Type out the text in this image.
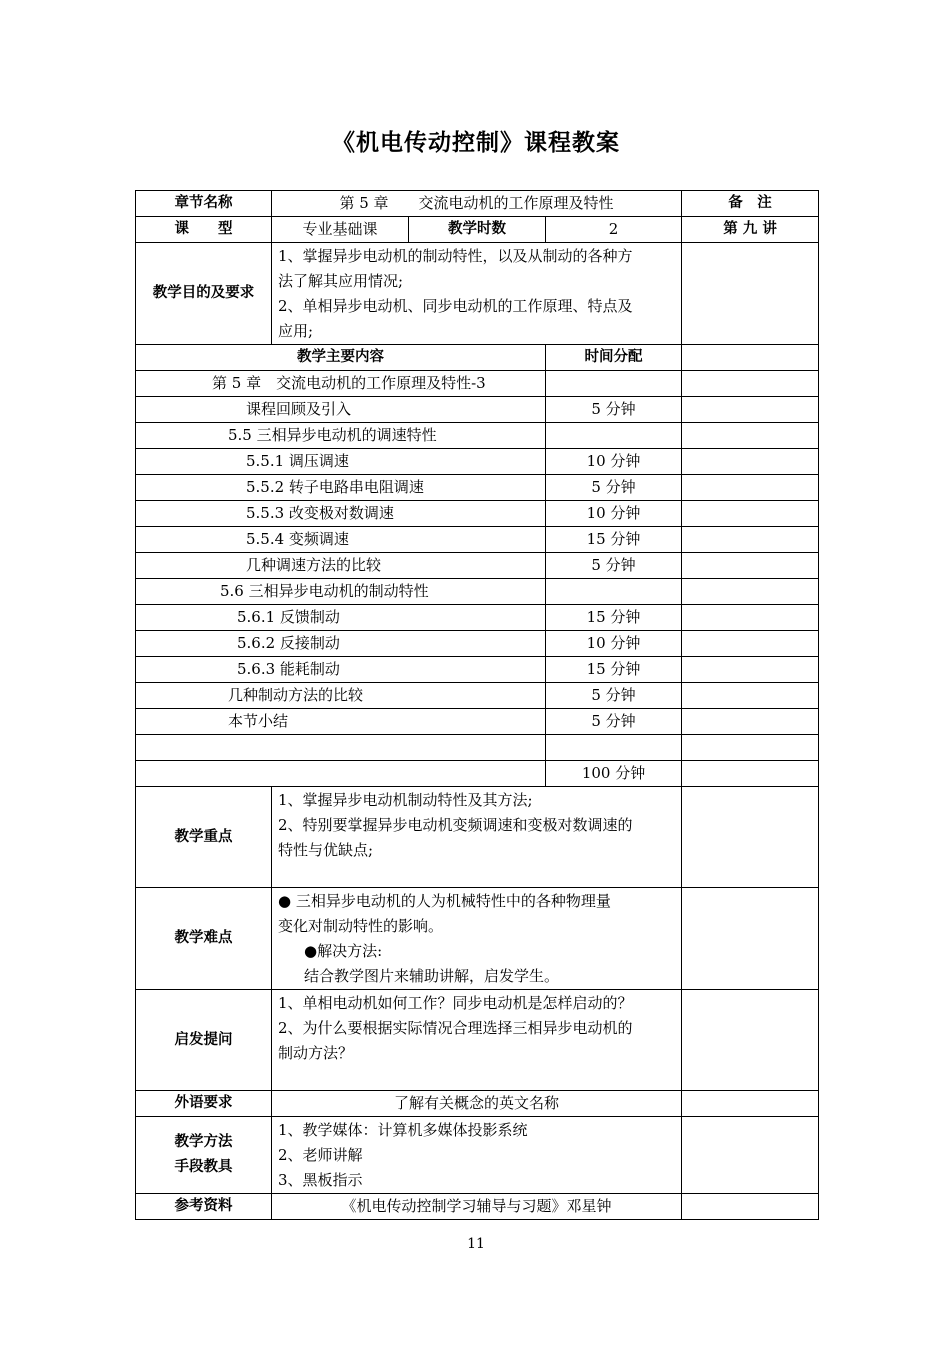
《机电传动控制》课程教案
章节名称	第 5 章　　交流电动机的工作原理及特性			备　注
课　　型	专业基础课	教学时数	2	第 九 讲
教学目的及要求	1、掌握异步电动机的制动特性，以及从制动的各种方
法了解其应用情况;
2、单相异步电动机、同步电动机的工作原理、特点及
应用;			

教学主要内容			时间分配	
第 5 章　交流电动机的工作原理及特性-3				
课程回顾及引入			5 分钟	
5.5 三相异步电动机的调速特性				
5.5.1 调压调速			10 分钟	
5.5.2 转子电路串电阻调速			5 分钟	
5.5.3 改变极对数调速			10 分钟	
5.5.4 变频调速			15 分钟	
几种调速方法的比较			5 分钟	
5.6 三相异步电动机的制动特性				
5.6.1 反馈制动			15 分钟	
5.6.2 反接制动			10 分钟	
5.6.3 能耗制动			15 分钟	
几种制动方法的比较			5 分钟	
本节小结			5 分钟	

			100 分钟	
教学重点	1、掌握异步电动机制动特性及其方法;
2、特别要掌握异步电动机变频调速和变极对数调速的
特性与优缺点;			

教学难点	● 三相异步电动机的人为机械特性中的各种物理量
变化对制动特性的影响。
●解决方法:
结合教学图片来辅助讲解，启发学生。			

启发提问	1、单相电动机如何工作？同步电动机是怎样启动的？
2、为什么要根据实际情况合理选择三相异步电动机的
制动方法？			

外语要求	了解有关概念的英文名称			

教学方法
手段教具	1、教学媒体：计算机多媒体投影系统
2、老师讲解
3、黑板指示			

参考资料	《机电传动控制学习辅导与习题》邓星钟			
11
